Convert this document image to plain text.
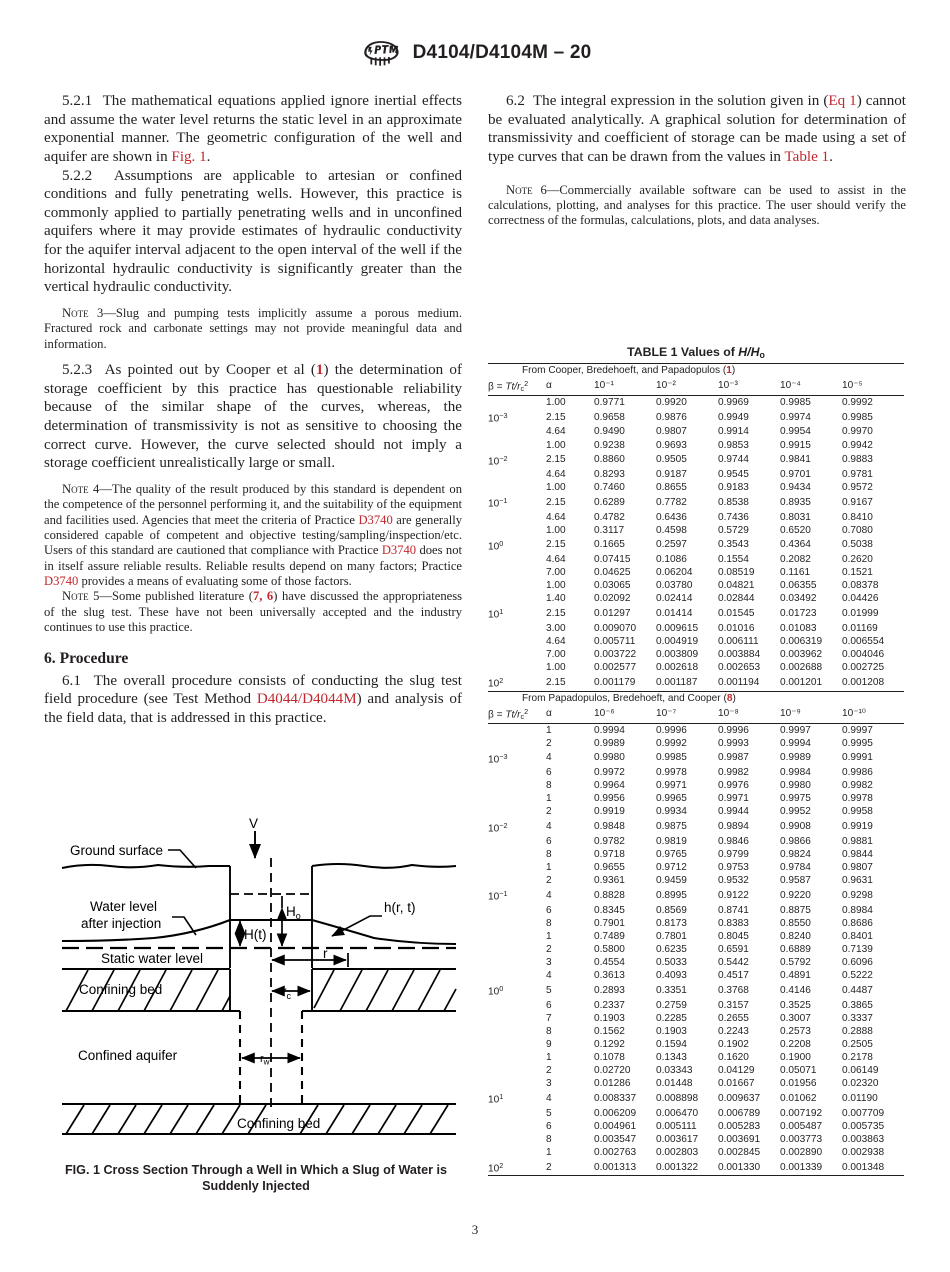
D4104/D4104M – 20

5.2.1 The mathematical equations applied ignore inertial effects and assume the water level returns the static level in an approximate exponential manner. The geometric configuration of the well and aquifer are shown in Fig. 1.

5.2.2 Assumptions are applicable to artesian or confined conditions and fully penetrating wells. However, this practice is commonly applied to partially penetrating wells and in unconfined aquifers where it may provide estimates of hydraulic conductivity for the aquifer interval adjacent to the open interval of the well if the horizontal hydraulic conductivity is significantly greater than the vertical hydraulic conductivity.

Note 3—Slug and pumping tests implicitly assume a porous medium. Fractured rock and carbonate settings may not provide meaningful data and information.

5.2.3 As pointed out by Cooper et al (1) the determination of storage coefficient by this practice has questionable reliability because of the similar shape of the curves, whereas, the determination of transmissivity is not as sensitive to choosing the correct curve. However, the curve selected should not imply a storage coefficient unrealistically large or small.

Note 4—The quality of the result produced by this standard is dependent on the competence of the personnel performing it, and the suitability of the equipment and facilities used. Agencies that meet the criteria of Practice D3740 are generally considered capable of competent and objective testing/sampling/inspection/etc. Users of this standard are cautioned that compliance with Practice D3740 does not in itself assure reliable results. Reliable results depend on many factors; Practice D3740 provides a means of evaluating some of those factors.

Note 5—Some published literature (7, 6) have discussed the appropriateness of the slug test. These have not been universally accepted and the industry continues to use this practice.

6. Procedure

6.1 The overall procedure consists of conducting the slug test field procedure (see Test Method D4044/D4044M) and analysis of the field data, that is addressed in this practice.

6.2 The integral expression in the solution given in (Eq 1) cannot be evaluated analytically. A graphical solution for determination of transmissivity and coefficient of storage can be made using a set of type curves that can be drawn from the values in Table 1.

Note 6—Commercially available software can be used to assist in the calculations, plotting, and analyses for this practice. The user should verify the correctness of the formulas, calculations, plots, and data analyses.

TABLE 1 Values of $H/H_o$
From Cooper, Bredehoeft, and Papadopulos (1)						
$\beta = Tt/r_c^2$	α	10⁻¹	10⁻²	10⁻³	10⁻⁴	10⁻⁵
	1.00	0.9771	0.9920	0.9969	0.9985	0.9992
$10^{-3}$	2.15	0.9658	0.9876	0.9949	0.9974	0.9985
	4.64	0.9490	0.9807	0.9914	0.9954	0.9970
	1.00	0.9238	0.9693	0.9853	0.9915	0.9942
$10^{-2}$	2.15	0.8860	0.9505	0.9744	0.9841	0.9883
	4.64	0.8293	0.9187	0.9545	0.9701	0.9781
	1.00	0.7460	0.8655	0.9183	0.9434	0.9572
$10^{-1}$	2.15	0.6289	0.7782	0.8538	0.8935	0.9167
	4.64	0.4782	0.6436	0.7436	0.8031	0.8410
	1.00	0.3117	0.4598	0.5729	0.6520	0.7080
$10^0$	2.15	0.1665	0.2597	0.3543	0.4364	0.5038
	4.64	0.07415	0.1086	0.1554	0.2082	0.2620
	7.00	0.04625	0.06204	0.08519	0.1161	0.1521
	1.00	0.03065	0.03780	0.04821	0.06355	0.08378
	1.40	0.02092	0.02414	0.02844	0.03492	0.04426
$10^1$	2.15	0.01297	0.01414	0.01545	0.01723	0.01999
	3.00	0.009070	0.009615	0.01016	0.01083	0.01169
	4.64	0.005711	0.004919	0.006111	0.006319	0.006554
	7.00	0.003722	0.003809	0.003884	0.003962	0.004046
	1.00	0.002577	0.002618	0.002653	0.002688	0.002725
$10^2$	2.15	0.001179	0.001187	0.001194	0.001201	0.001208
From Papadopulos, Bredehoeft, and Cooper (8)						
$\beta = Tt/r_c^2$	α	10⁻⁶	10⁻⁷	10⁻⁸	10⁻⁹	10⁻¹⁰
	1	0.9994	0.9996	0.9996	0.9997	0.9997
	2	0.9989	0.9992	0.9993	0.9994	0.9995
$10^{-3}$	4	0.9980	0.9985	0.9987	0.9989	0.9991
	6	0.9972	0.9978	0.9982	0.9984	0.9986
	8	0.9964	0.9971	0.9976	0.9980	0.9982
	1	0.9956	0.9965	0.9971	0.9975	0.9978
	2	0.9919	0.9934	0.9944	0.9952	0.9958
$10^{-2}$	4	0.9848	0.9875	0.9894	0.9908	0.9919
	6	0.9782	0.9819	0.9846	0.9866	0.9881
	8	0.9718	0.9765	0.9799	0.9824	0.9844
	1	0.9655	0.9712	0.9753	0.9784	0.9807
	2	0.9361	0.9459	0.9532	0.9587	0.9631
$10^{-1}$	4	0.8828	0.8995	0.9122	0.9220	0.9298
	6	0.8345	0.8569	0.8741	0.8875	0.8984
	8	0.7901	0.8173	0.8383	0.8550	0.8686
	1	0.7489	0.7801	0.8045	0.8240	0.8401
	2	0.5800	0.6235	0.6591	0.6889	0.7139
	3	0.4554	0.5033	0.5442	0.5792	0.6096
	4	0.3613	0.4093	0.4517	0.4891	0.5222
$10^0$	5	0.2893	0.3351	0.3768	0.4146	0.4487
	6	0.2337	0.2759	0.3157	0.3525	0.3865
	7	0.1903	0.2285	0.2655	0.3007	0.3337
	8	0.1562	0.1903	0.2243	0.2573	0.2888
	9	0.1292	0.1594	0.1902	0.2208	0.2505
	1	0.1078	0.1343	0.1620	0.1900	0.2178
	2	0.02720	0.03343	0.04129	0.05071	0.06149
	3	0.01286	0.01448	0.01667	0.01956	0.02320
$10^1$	4	0.008337	0.008898	0.009637	0.01062	0.01190
	5	0.006209	0.006470	0.006789	0.007192	0.007709
	6	0.004961	0.005111	0.005283	0.005487	0.005735
	8	0.003547	0.003617	0.003691	0.003773	0.003863
	1	0.002763	0.002803	0.002845	0.002890	0.002938
$10^2$	2	0.001313	0.001322	0.001330	0.001339	0.001348
V
Ground surface
Water level
after injection
Static water level
Confining bed
Confined aquifer
Confining bed
h(r, t)
H(t)
$H_o$
r
$r_c$
$r_w$
FIG. 1 Cross Section Through a Well in Which a Slug of Water is Suddenly Injected
3
